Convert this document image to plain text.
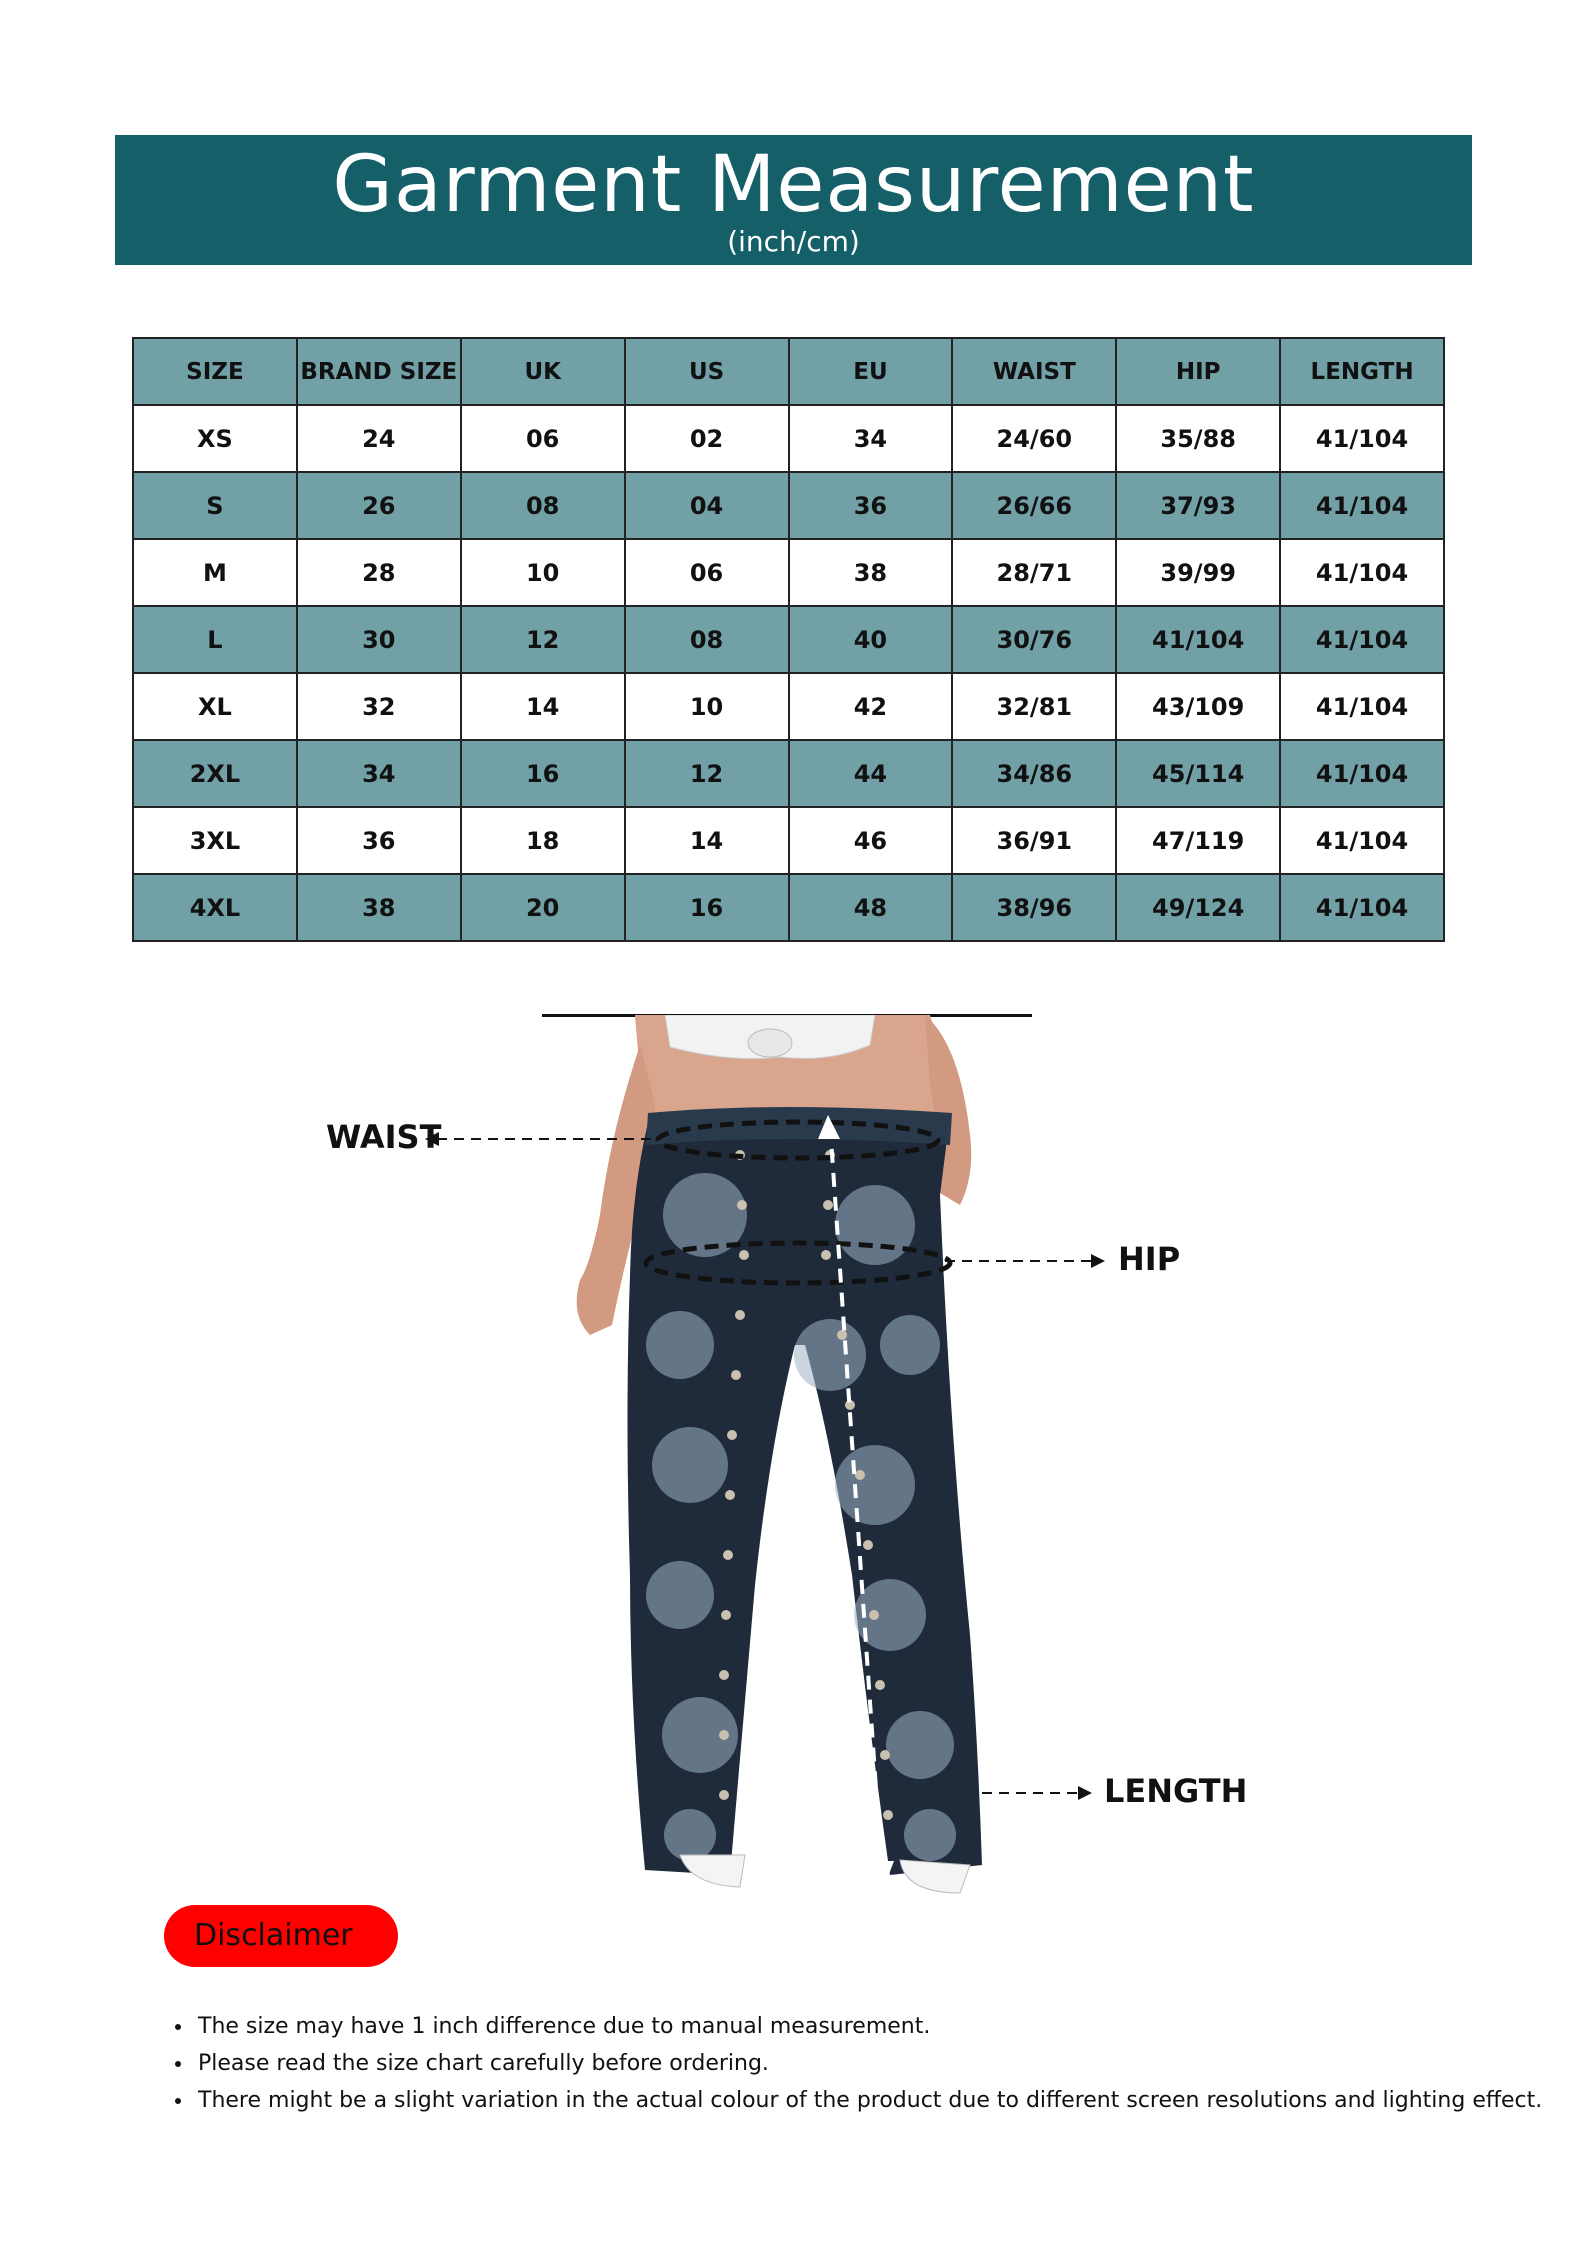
Garment Measurement
(inch/cm)
SIZE	BRAND SIZE	UK	US	EU	WAIST	HIP	LENGTH
XS	24	06	02	34	24/60	35/88	41/104
S	26	08	04	36	26/66	37/93	41/104
M	28	10	06	38	28/71	39/99	41/104
L	30	12	08	40	30/76	41/104	41/104
XL	32	14	10	42	32/81	43/109	41/104
2XL	34	16	12	44	34/86	45/114	41/104
3XL	36	18	14	46	36/91	47/119	41/104
4XL	38	20	16	48	38/96	49/124	41/104
WAIST
HIP
LENGTH
Disclaimer
• The size may have 1 inch difference due to manual measurement.
• Please read the size chart carefully before ordering.
• There might be a slight variation in the actual colour of the product due to different screen resolutions and lighting effect.
